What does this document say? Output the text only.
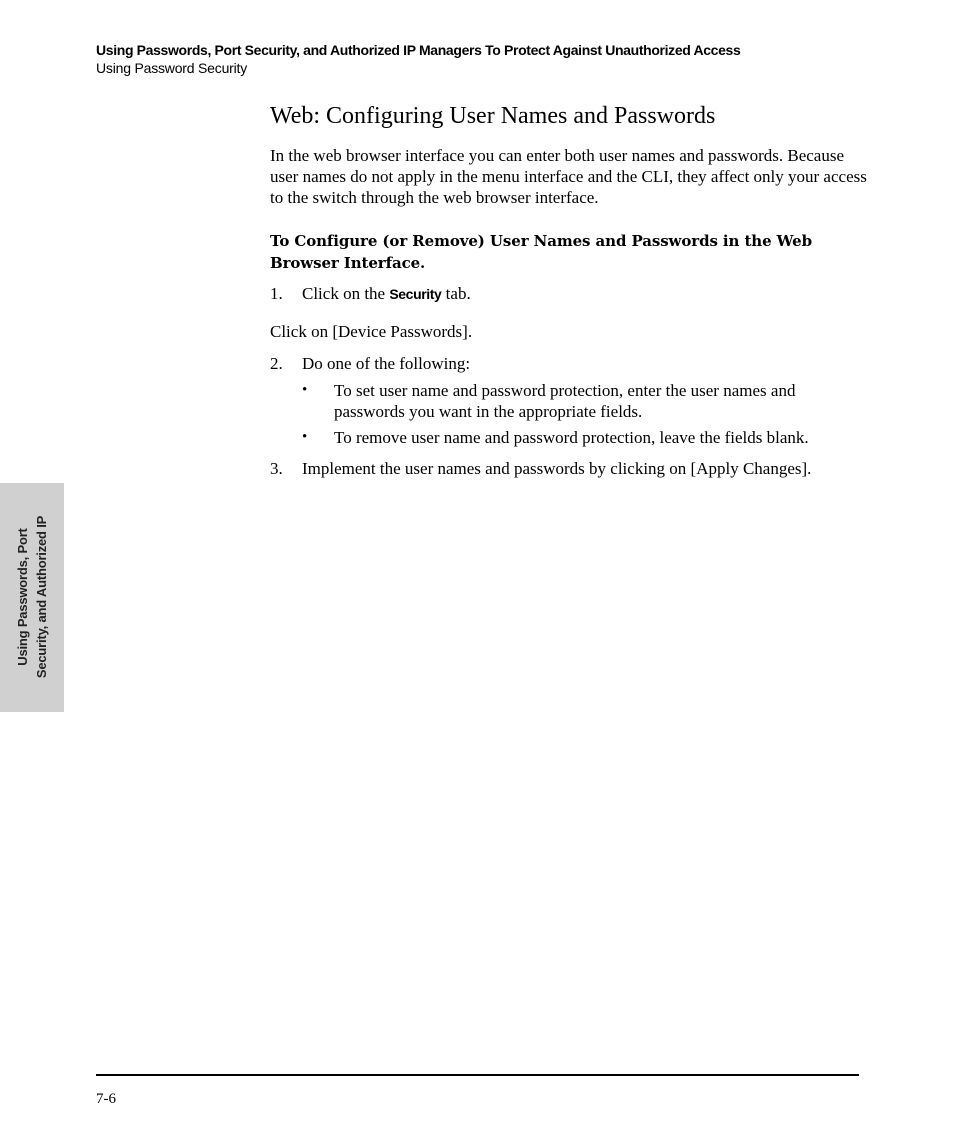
Using Passwords, Port Security, and Authorized IP Managers To Protect Against Unauthorized Access
Using Password Security
Web: Configuring User Names and Passwords

In the web browser interface you can enter both user names and passwords. Because user names do not apply in the menu interface and the CLI, they affect only your access to the switch through the web browser interface.

To Configure (or Remove) User Names and Passwords in the Web Browser Interface.
1. Click on the Security tab.

Click on [Device Passwords].

2. Do one of the following:
• To set user name and password protection, enter the user names and passwords you want in the appropriate fields.
• To remove user name and password protection, leave the fields blank.
3. Implement the user names and passwords by clicking on [Apply Changes].
Using Passwords, Port Security, and Authorized IP
7-6
